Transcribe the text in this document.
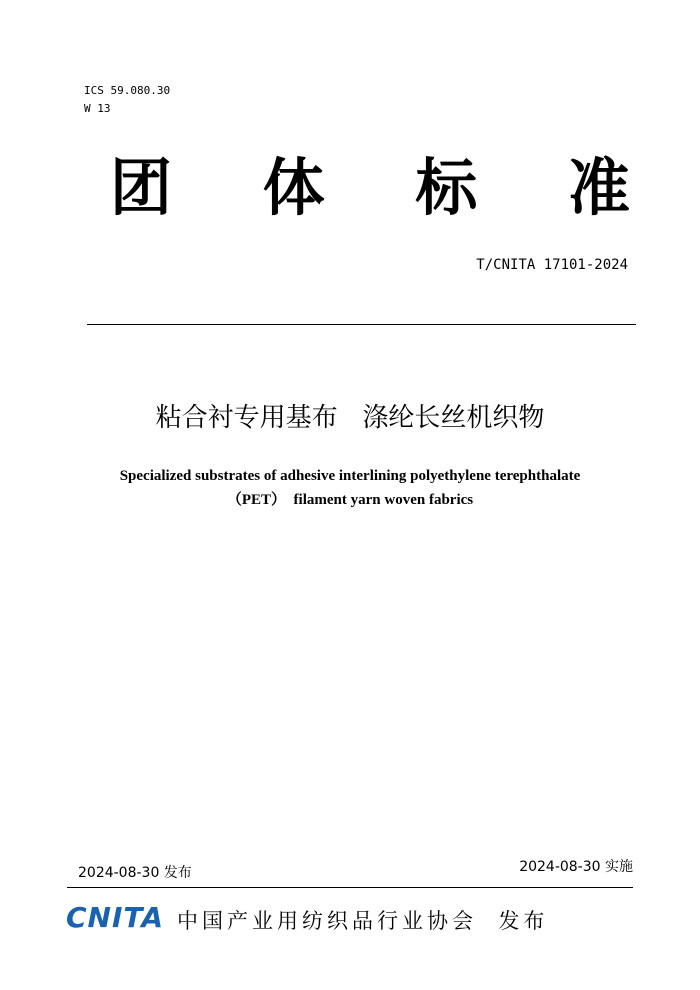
ICS 59.080.30
W 13
团 体 标 准
T/CNITA 17101-2024
粘合衬专用基布   涤纶长丝机织物
Specialized substrates of adhesive interlining polyethylene terephthalate
（PET）  filament yarn woven fabrics
2024-08-30 发布	2024-08-30 实施
CNITA 中国产业用纺织品行业协会  发布
